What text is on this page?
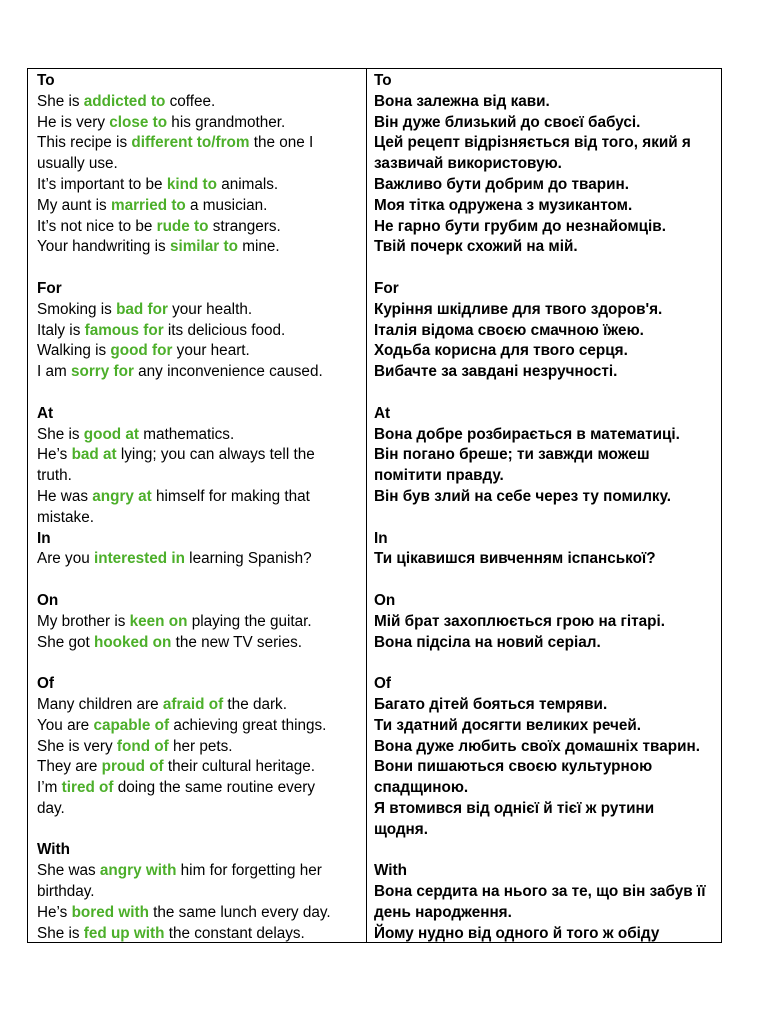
To
She is addicted to coffee.
He is very close to his grandmother.
This recipe is different to/from the one I
usually use.
It’s important to be kind to animals.
My aunt is married to a musician.
It’s not nice to be rude to strangers.
Your handwriting is similar to mine.
For
Smoking is bad for your health.
Italy is famous for its delicious food.
Walking is good for your heart.
I am sorry for any inconvenience caused.
At
She is good at mathematics.
He’s bad at lying; you can always tell the
truth.
He was angry at himself for making that
mistake.
In
Are you interested in learning Spanish?
On
My brother is keen on playing the guitar.
She got hooked on the new TV series.
Of
Many children are afraid of the dark.
You are capable of achieving great things.
She is very fond of her pets.
They are proud of their cultural heritage.
I’m tired of doing the same routine every
day.
With
She was angry with him for forgetting her
birthday.
He’s bored with the same lunch every day.
She is fed up with the constant delays.
To
Вона залежна від кави.
Він дуже близький до своєї бабусі.
Цей рецепт відрізняється від того, який я
зазвичай використовую.
Важливо бути добрим до тварин.
Моя тітка одружена з музикантом.
Не гарно бути грубим до незнайомців.
Твій почерк схожий на мій.
For
Куріння шкідливе для твого здоров'я.
Італія відома своєю смачною їжею.
Ходьба корисна для твого серця.
Вибачте за завдані незручності.
At
Вона добре розбирається в математиці.
Він погано бреше; ти завжди можеш
помітити правду.
Він був злий на себе через ту помилку.
In
Ти цікавишся вивченням іспанської?
On
Мій брат захоплюється грою на гітарі.
Вона підсіла на новий серіал.
Of
Багато дітей бояться темряви.
Ти здатний досягти великих речей.
Вона дуже любить своїх домашніх тварин.
Вони пишаються своєю культурною
спадщиною.
Я втомився від однієї й тієї ж рутини
щодня.
With
Вона сердита на нього за те, що він забув її
день народження.
Йому нудно від одного й того ж обіду
